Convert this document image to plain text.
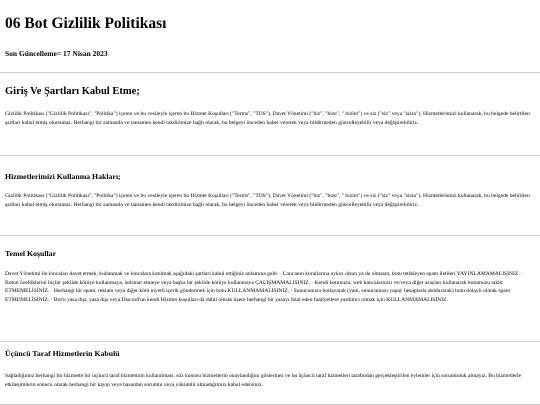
06 Bot Gizlilik Politikası

Son Güncelleme= 17 Nisan 2023

Giriş Ve Şartları Kabul Etme;

Gizlilik Politikası ("Gizlilik Politikası", "Politika") içeren ve bu vesileyle içeren bu Hizmet Koşulları ("Terms", "TOS"), Davet Yönetimi ("biz", "bize", " bizim") ve siz ("siz" veya "sizin"). Hizmetlerimizi kullanarak, bu belgede belirtilen şartları kabul etmiş olursunuz. Herhangi bir zamanda ve tamamen kendi takdirimize bağlı olarak, bu belgeyi önceden haber vererek veya bildirmeden güncelleyebilir veya değiştirebiliriz.

Hizmetlerimizi Kullanma Hakları;

Gizlilik Politikası ("Gizlilik Politikası", "Politika") içeren ve bu vesileyle içeren bu Hizmet Koşulları ("Terms", "TOS"), Davet Yönetimi ("biz", "bize", " bizim") ve siz ("siz" veya "sizin"). Hizmetlerimizi kullanarak, bu belgede belirtilen şartları kabul etmiş olursunuz. Herhangi bir zamanda ve tamamen kendi takdirimize bağlı olarak, bu belgeyi önceden haber vererek veya bildirmeden güncelleyebilir veya değiştirebiliriz.

Temel Koşullar

Davet Yönetimi ile loncaları davet etmek, kullanmak ve loncalara katılmak aşağıdaki şartları kabul ettiğiniz anlamına gelir. · Loncanın kurallarına aykırı olsun ya da olmasın, botu tetikleyen spam iletileri YAYINLAMAMALISINIZ. · Botun özelliklerini hiçbir şekilde kötüye kullanmaya, istismar etmeye veya başka bir şekilde kötüye kullanmaya ÇALIŞMAMALISINIZ. · Kendi botunuzu, web kancalarınızı ve/veya diğer araçları kullanarak botumuzu taklit ETMEMELİSİNİZ. · Herhangi bir spam, reklam veya diğer kötü niyetli içerik göndermek için botu KULLANMAMALISINIZ. · Sunucunuzu botlayarak (yani, sunucunuzu yapay hesaplarla doldurarak) botu dolaylı olarak spam ETMEMELİSİNİZ. · Bot'u yasa dışı, yasa dışı veya Discord'un kendi Hizmet koşulları da dahil olmak üzere herhangi bir yasayı ihlal eden faaliyetlere yardımcı olmak için KULLANMAMALISINIZ.

Üçüncü Taraf Hizmetlerin Kabulü

Sağladığımız herhangi bir hizmette bir üçüncü taraf hizmetinin kullanılması, söz konusu hizmetlerin onaylandığını göstermez ve bu üçüncü taraf hizmetleri tarafından gerçekleştirilen eylemler için sorumluluk almayız. Bu hizmetlerle etkileşimlerin sonucu olarak herhangi bir kayıp veya hasardan sorumlu veya yükümlü olmadığımızı kabul edersiniz.
